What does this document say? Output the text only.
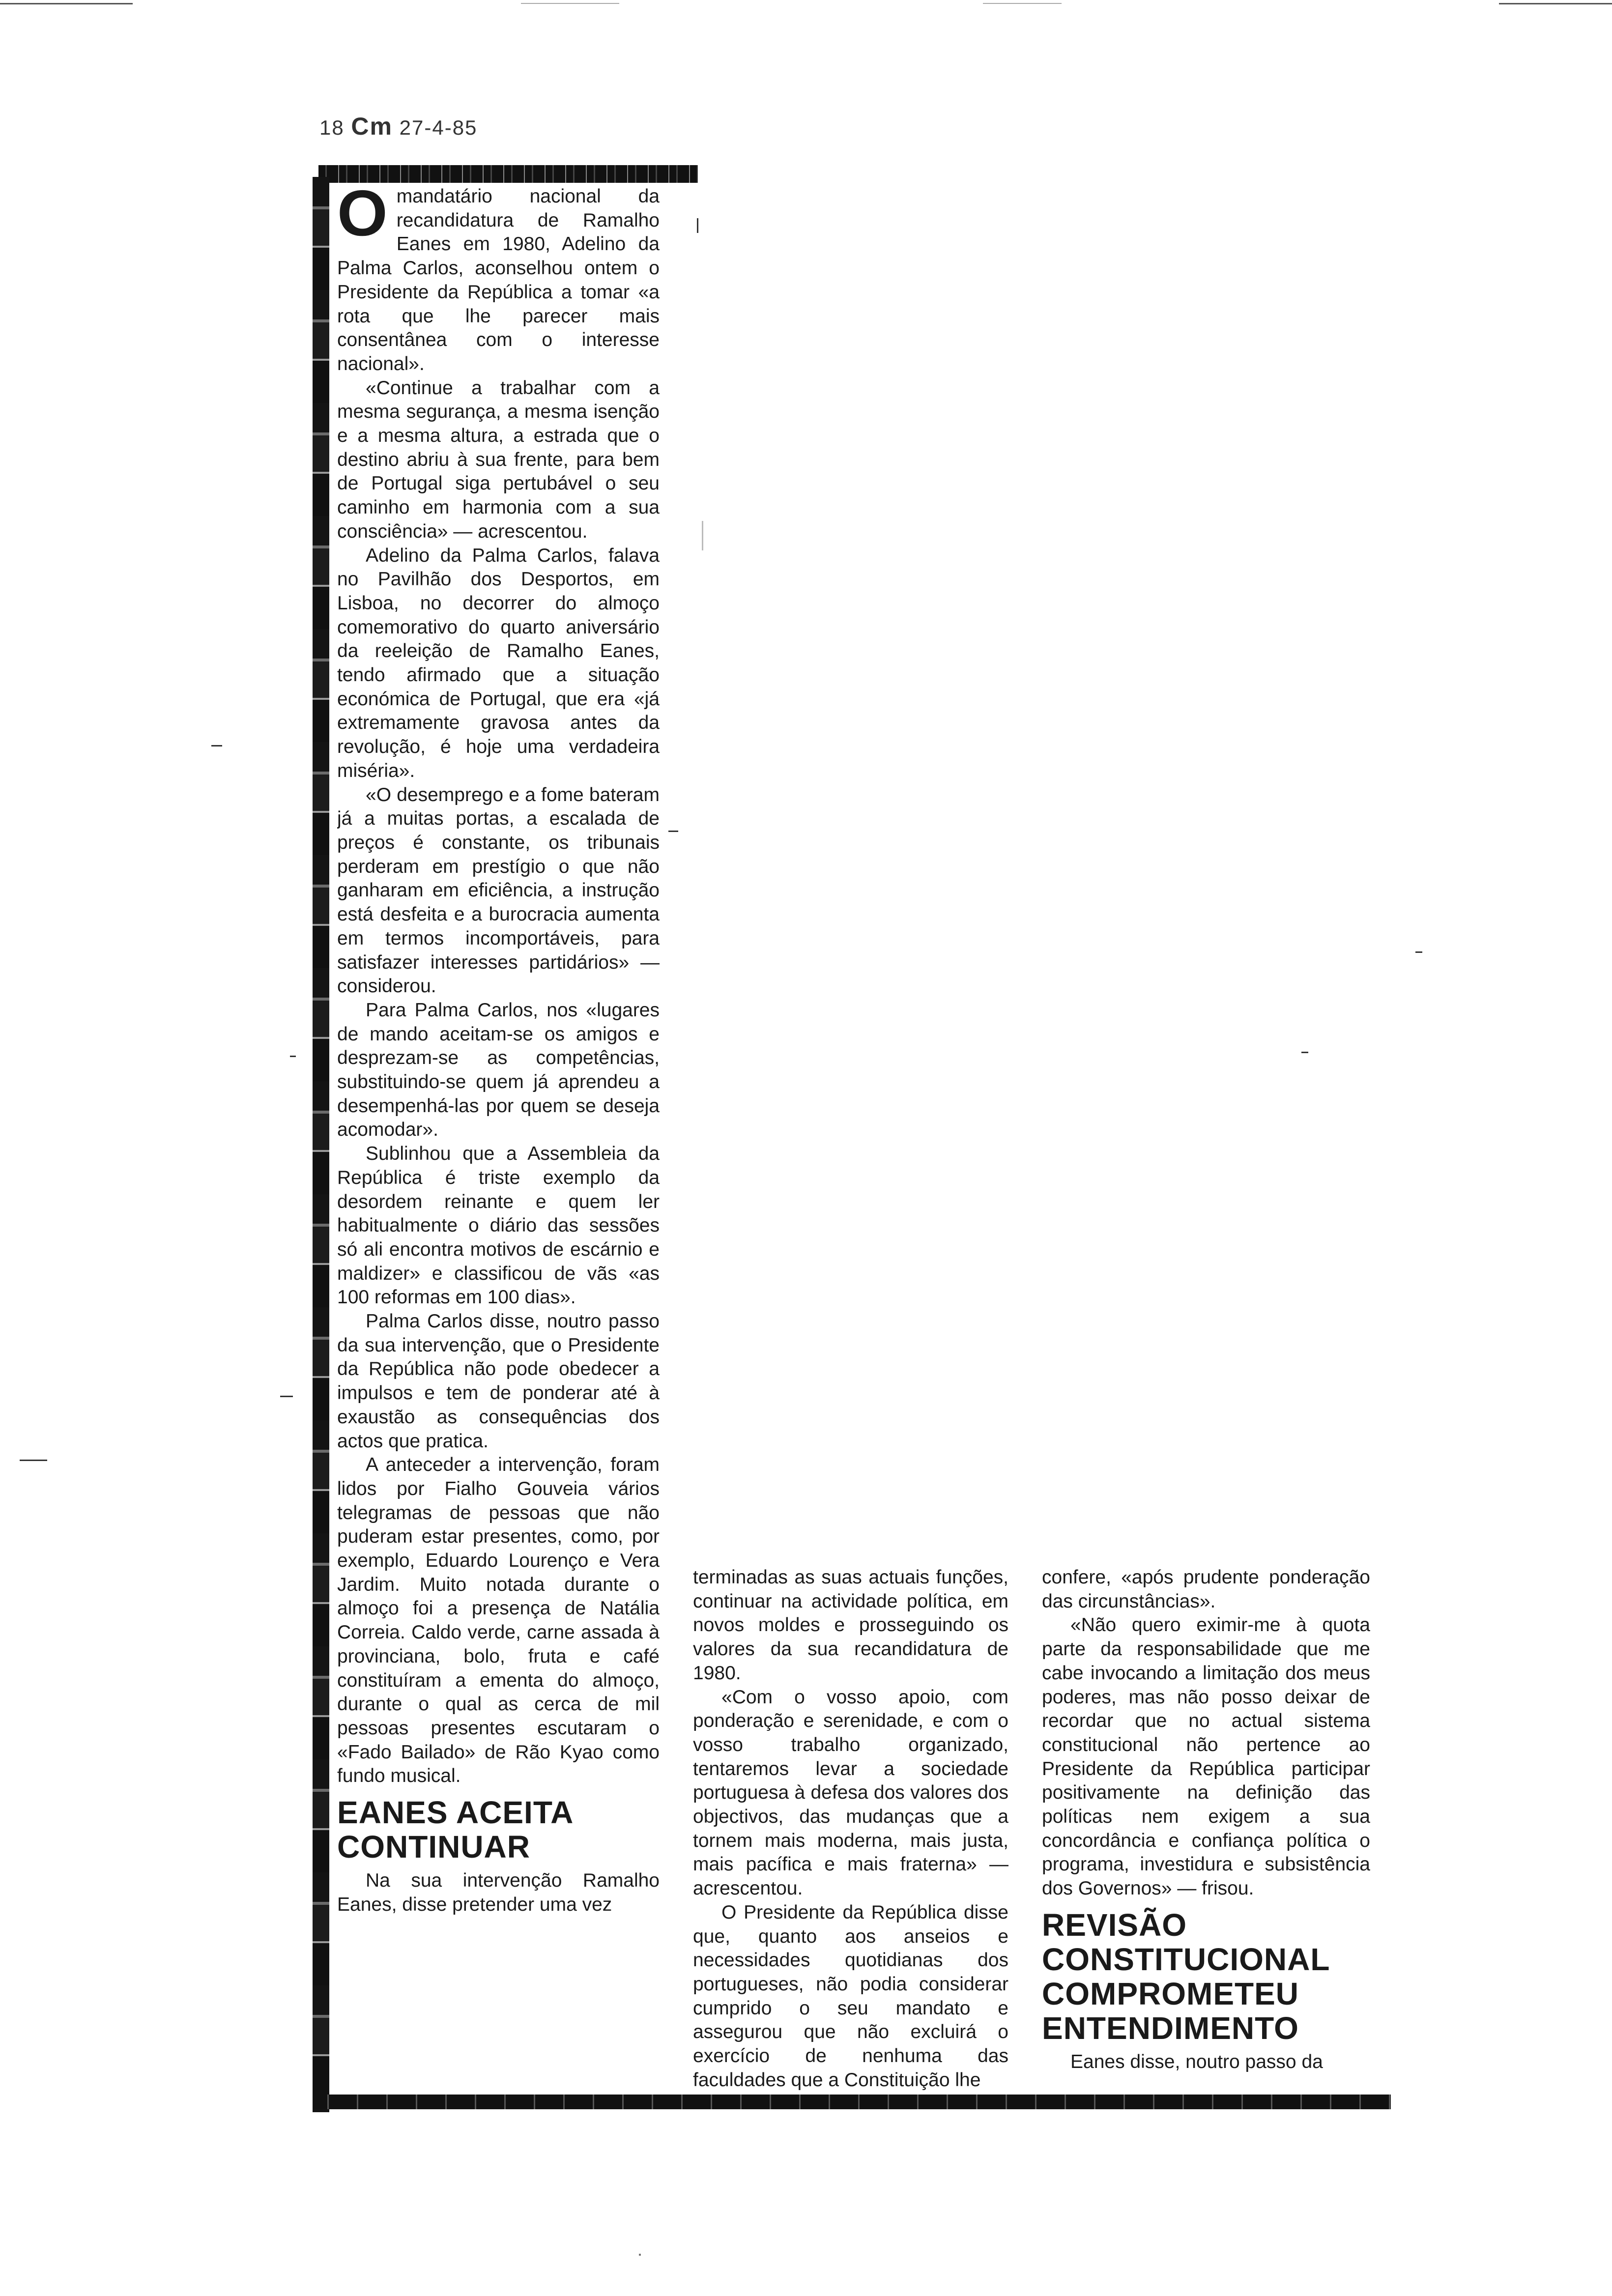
18 Cm 27-4-85

Omandatário nacional da recandidatura de Ramalho Eanes em 1980, Adelino da Palma Carlos, aconselhou ontem o Presidente da República a tomar «a rota que lhe parecer mais consentânea com o interesse nacional».

«Continue a trabalhar com a mesma segurança, a mesma isenção e a mesma altura, a estrada que o destino abriu à sua frente, para bem de Portugal siga pertubável o seu caminho em harmonia com a sua consciência» — acrescentou.

Adelino da Palma Carlos, falava no Pavilhão dos Desportos, em Lisboa, no decorrer do almoço comemorativo do quarto aniversário da reeleição de Ramalho Eanes, tendo afirmado que a situação económica de Portugal, que era «já extremamente gravosa antes da revolução, é hoje uma verdadeira miséria».

«O desemprego e a fome bateram já a muitas portas, a escalada de preços é constante, os tribunais perderam em prestígio o que não ganharam em eficiência, a instrução está desfeita e a burocracia aumenta em termos incomportáveis, para satisfazer interesses partidários» — considerou.

Para Palma Carlos, nos «lugares de mando aceitam-se os amigos e desprezam-se as competências, substituindo-se quem já aprendeu a desempenhá-las por quem se deseja acomodar».

Sublinhou que a Assembleia da República é triste exemplo da desordem reinante e quem ler habitualmente o diário das sessões só ali encontra motivos de escárnio e maldizer» e classificou de vãs «as 100 reformas em 100 dias».

Palma Carlos disse, noutro passo da sua intervenção, que o Presidente da República não pode obedecer a impulsos e tem de ponderar até à exaustão as consequências dos actos que pratica.

A anteceder a intervenção, foram lidos por Fialho Gouveia vários telegramas de pessoas que não puderam estar presentes, como, por exemplo, Eduardo Lourenço e Vera Jardim. Muito notada durante o almoço foi a presença de Natália Correia. Caldo verde, carne assada à provinciana, bolo, fruta e café constituíram a ementa do almoço, durante o qual as cerca de mil pessoas presentes escutaram o «Fado Bailado» de Rão Kyao como fundo musical.

EANES ACEITA CONTINUAR

Na sua intervenção Ramalho Eanes, disse pretender uma vez

terminadas as suas actuais funções, continuar na actividade política, em novos moldes e prosseguindo os valores da sua recandidatura de 1980.

«Com o vosso apoio, com ponderação e serenidade, e com o vosso trabalho organizado, tentaremos levar a sociedade portuguesa à defesa dos valores dos objectivos, das mudanças que a tornem mais moderna, mais justa, mais pacífica e mais fraterna» — acrescentou.

O Presidente da República disse que, quanto aos anseios e necessidades quotidianas dos portugueses, não podia considerar cumprido o seu mandato e assegurou que não excluirá o exercício de nenhuma das faculdades que a Constituição lhe

confere, «após prudente ponderação das circunstâncias».

«Não quero eximir-me à quota parte da responsabilidade que me cabe invocando a limitação dos meus poderes, mas não posso deixar de recordar que no actual sistema constitucional não pertence ao Presidente da República participar positivamente na definição das políticas nem exigem a sua concordância e confiança política o programa, investidura e subsistência dos Governos» — frisou.

REVISÃO CONSTITUCIONAL COMPROMETEU ENTENDIMENTO

Eanes disse, noutro passo da
